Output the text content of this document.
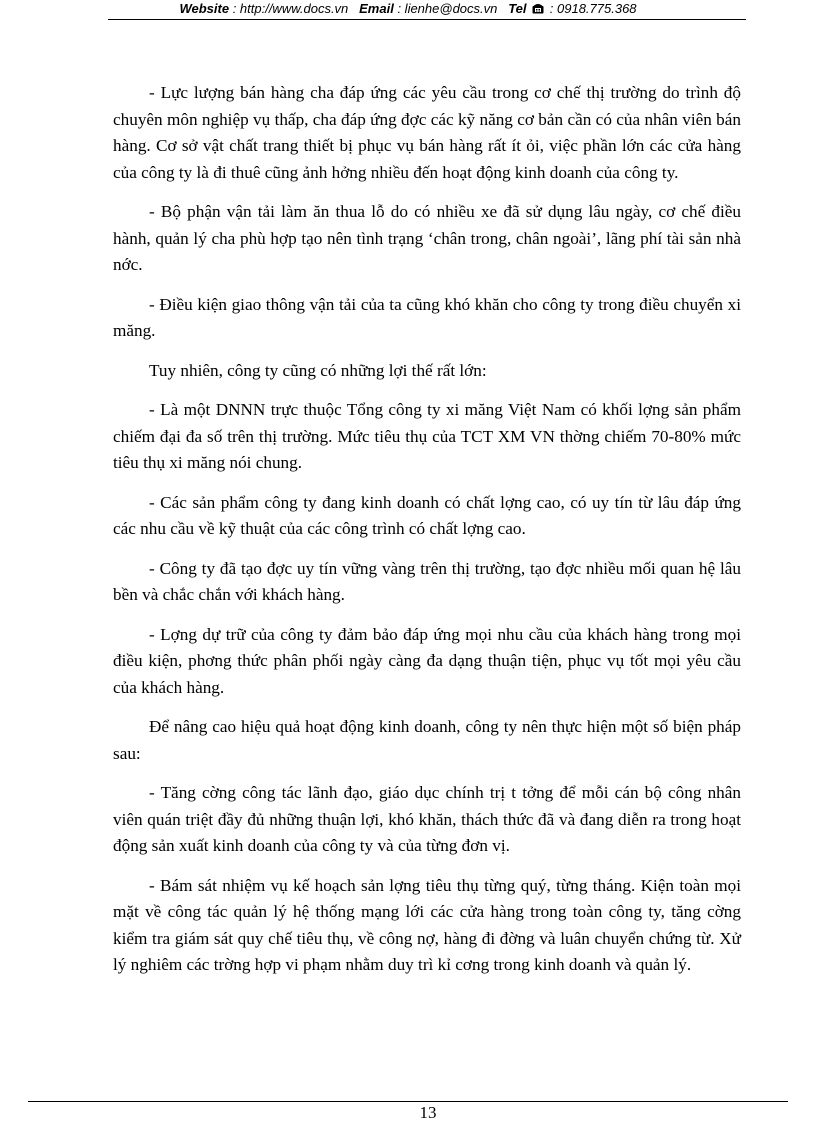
Website : http://www.docs.vn Email : lienhe@docs.vn Tel : 0918.775.368

- Lực lượng bán hàng cha đáp ứng các yêu cầu trong cơ chế thị trường do trình độ chuyên môn nghiệp vụ thấp, cha đáp ứng đợc các kỹ năng cơ bản cần có của nhân viên bán hàng. Cơ sở vật chất trang thiết bị phục vụ bán hàng rất ít ỏi, việc phần lớn các cửa hàng của công ty là đi thuê cũng ảnh hởng nhiều đến hoạt động kinh doanh của công ty.

- Bộ phận vận tải làm ăn thua lỗ do có nhiều xe đã sử dụng lâu ngày, cơ chế điều hành, quản lý cha phù hợp tạo nên tình trạng ‘chân trong, chân ngoài’, lãng phí tài sản nhà nớc.

- Điều kiện giao thông vận tải của ta cũng khó khăn cho công ty trong điều chuyển xi măng.

Tuy nhiên, công ty cũng có những lợi thế rất lớn:

- Là một DNNN trực thuộc Tổng công ty xi măng Việt Nam có khối lợng sản phẩm chiếm đại đa số trên thị trường. Mức tiêu thụ của TCT XM VN thờng chiếm 70-80% mức tiêu thụ xi măng nói chung.

- Các sản phẩm công ty đang kinh doanh có chất lợng cao, có uy tín từ lâu đáp ứng các nhu cầu về kỹ thuật của các công trình có chất lợng cao.

- Công ty đã tạo đợc uy tín vững vàng trên thị trường, tạo đợc nhiều mối quan hệ lâu bền và chắc chắn với khách hàng.

- Lợng dự trữ của công ty đảm bảo đáp ứng mọi nhu cầu của khách hàng trong mọi điều kiện, phơng thức phân phối ngày càng đa dạng thuận tiện, phục vụ tốt mọi yêu cầu của khách hàng.

Để nâng cao hiệu quả hoạt động kinh doanh, công ty nên thực hiện một số biện pháp sau:

- Tăng cờng công tác lãnh đạo, giáo dục chính trị t tởng để mỗi cán bộ công nhân viên quán triệt đầy đủ những thuận lợi, khó khăn, thách thức đã và đang diễn ra trong hoạt động sản xuất kinh doanh của công ty và của từng đơn vị.

- Bám sát nhiệm vụ kế hoạch sản lợng tiêu thụ từng quý, từng tháng. Kiện toàn mọi mặt về công tác quản lý hệ thống mạng lới các cửa hàng trong toàn công ty, tăng cờng kiểm tra giám sát quy chế tiêu thụ, về công nợ, hàng đi đờng và luân chuyển chứng từ. Xử lý nghiêm các trờng hợp vi phạm nhằm duy trì kỉ cơng trong kinh doanh và quản lý.

13
